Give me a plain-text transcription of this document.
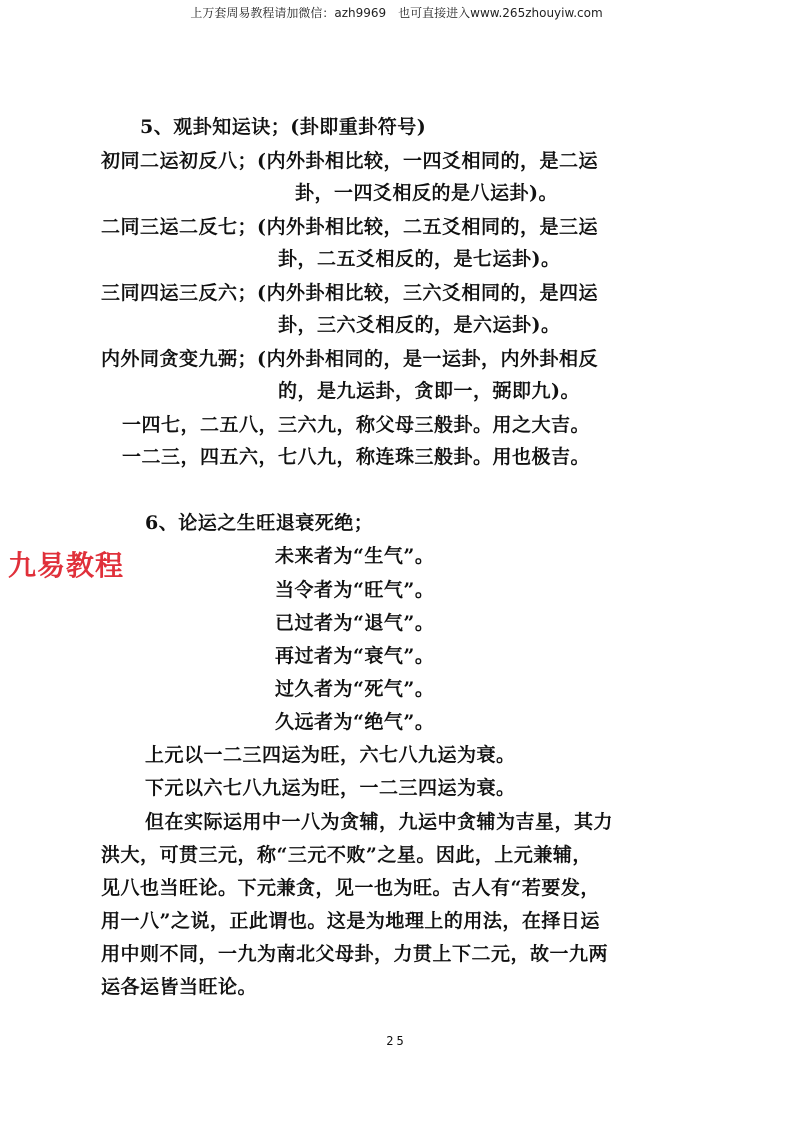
上万套周易教程请加微信：azh9969　也可直接进入www.265zhouyiw.com
5、观卦知运诀；(卦即重卦符号)
初同二运初反八；(内外卦相比较，一四爻相同的，是二运
卦，一四爻相反的是八运卦)。
二同三运二反七；(内外卦相比较，二五爻相同的，是三运
卦，二五爻相反的，是七运卦)。
三同四运三反六；(内外卦相比较，三六爻相同的，是四运
卦，三六爻相反的，是六运卦)。
内外同贪变九弼；(内外卦相同的，是一运卦，内外卦相反
的，是九运卦，贪即一，弼即九)。
一四七，二五八，三六九，称父母三般卦。用之大吉。
一二三，四五六，七八九，称连珠三般卦。用也极吉。
6、论运之生旺退衰死绝；
九易教程	未来者为“生气”。
当令者为“旺气”。
已过者为“退气”。
再过者为“衰气”。
过久者为“死气”。
久远者为“绝气”。
上元以一二三四运为旺，六七八九运为衰。
下元以六七八九运为旺，一二三四运为衰。
但在实际运用中一八为贪辅，九运中贪辅为吉星，其力
洪大，可贯三元，称“三元不败”之星。因此，上元兼辅，
见八也当旺论。下元兼贪，见一也为旺。古人有“若要发，
用一八”之说，正此谓也。这是为地理上的用法，在择日运
用中则不同，一九为南北父母卦，力贯上下二元，故一九两
运各运皆当旺论。
25
